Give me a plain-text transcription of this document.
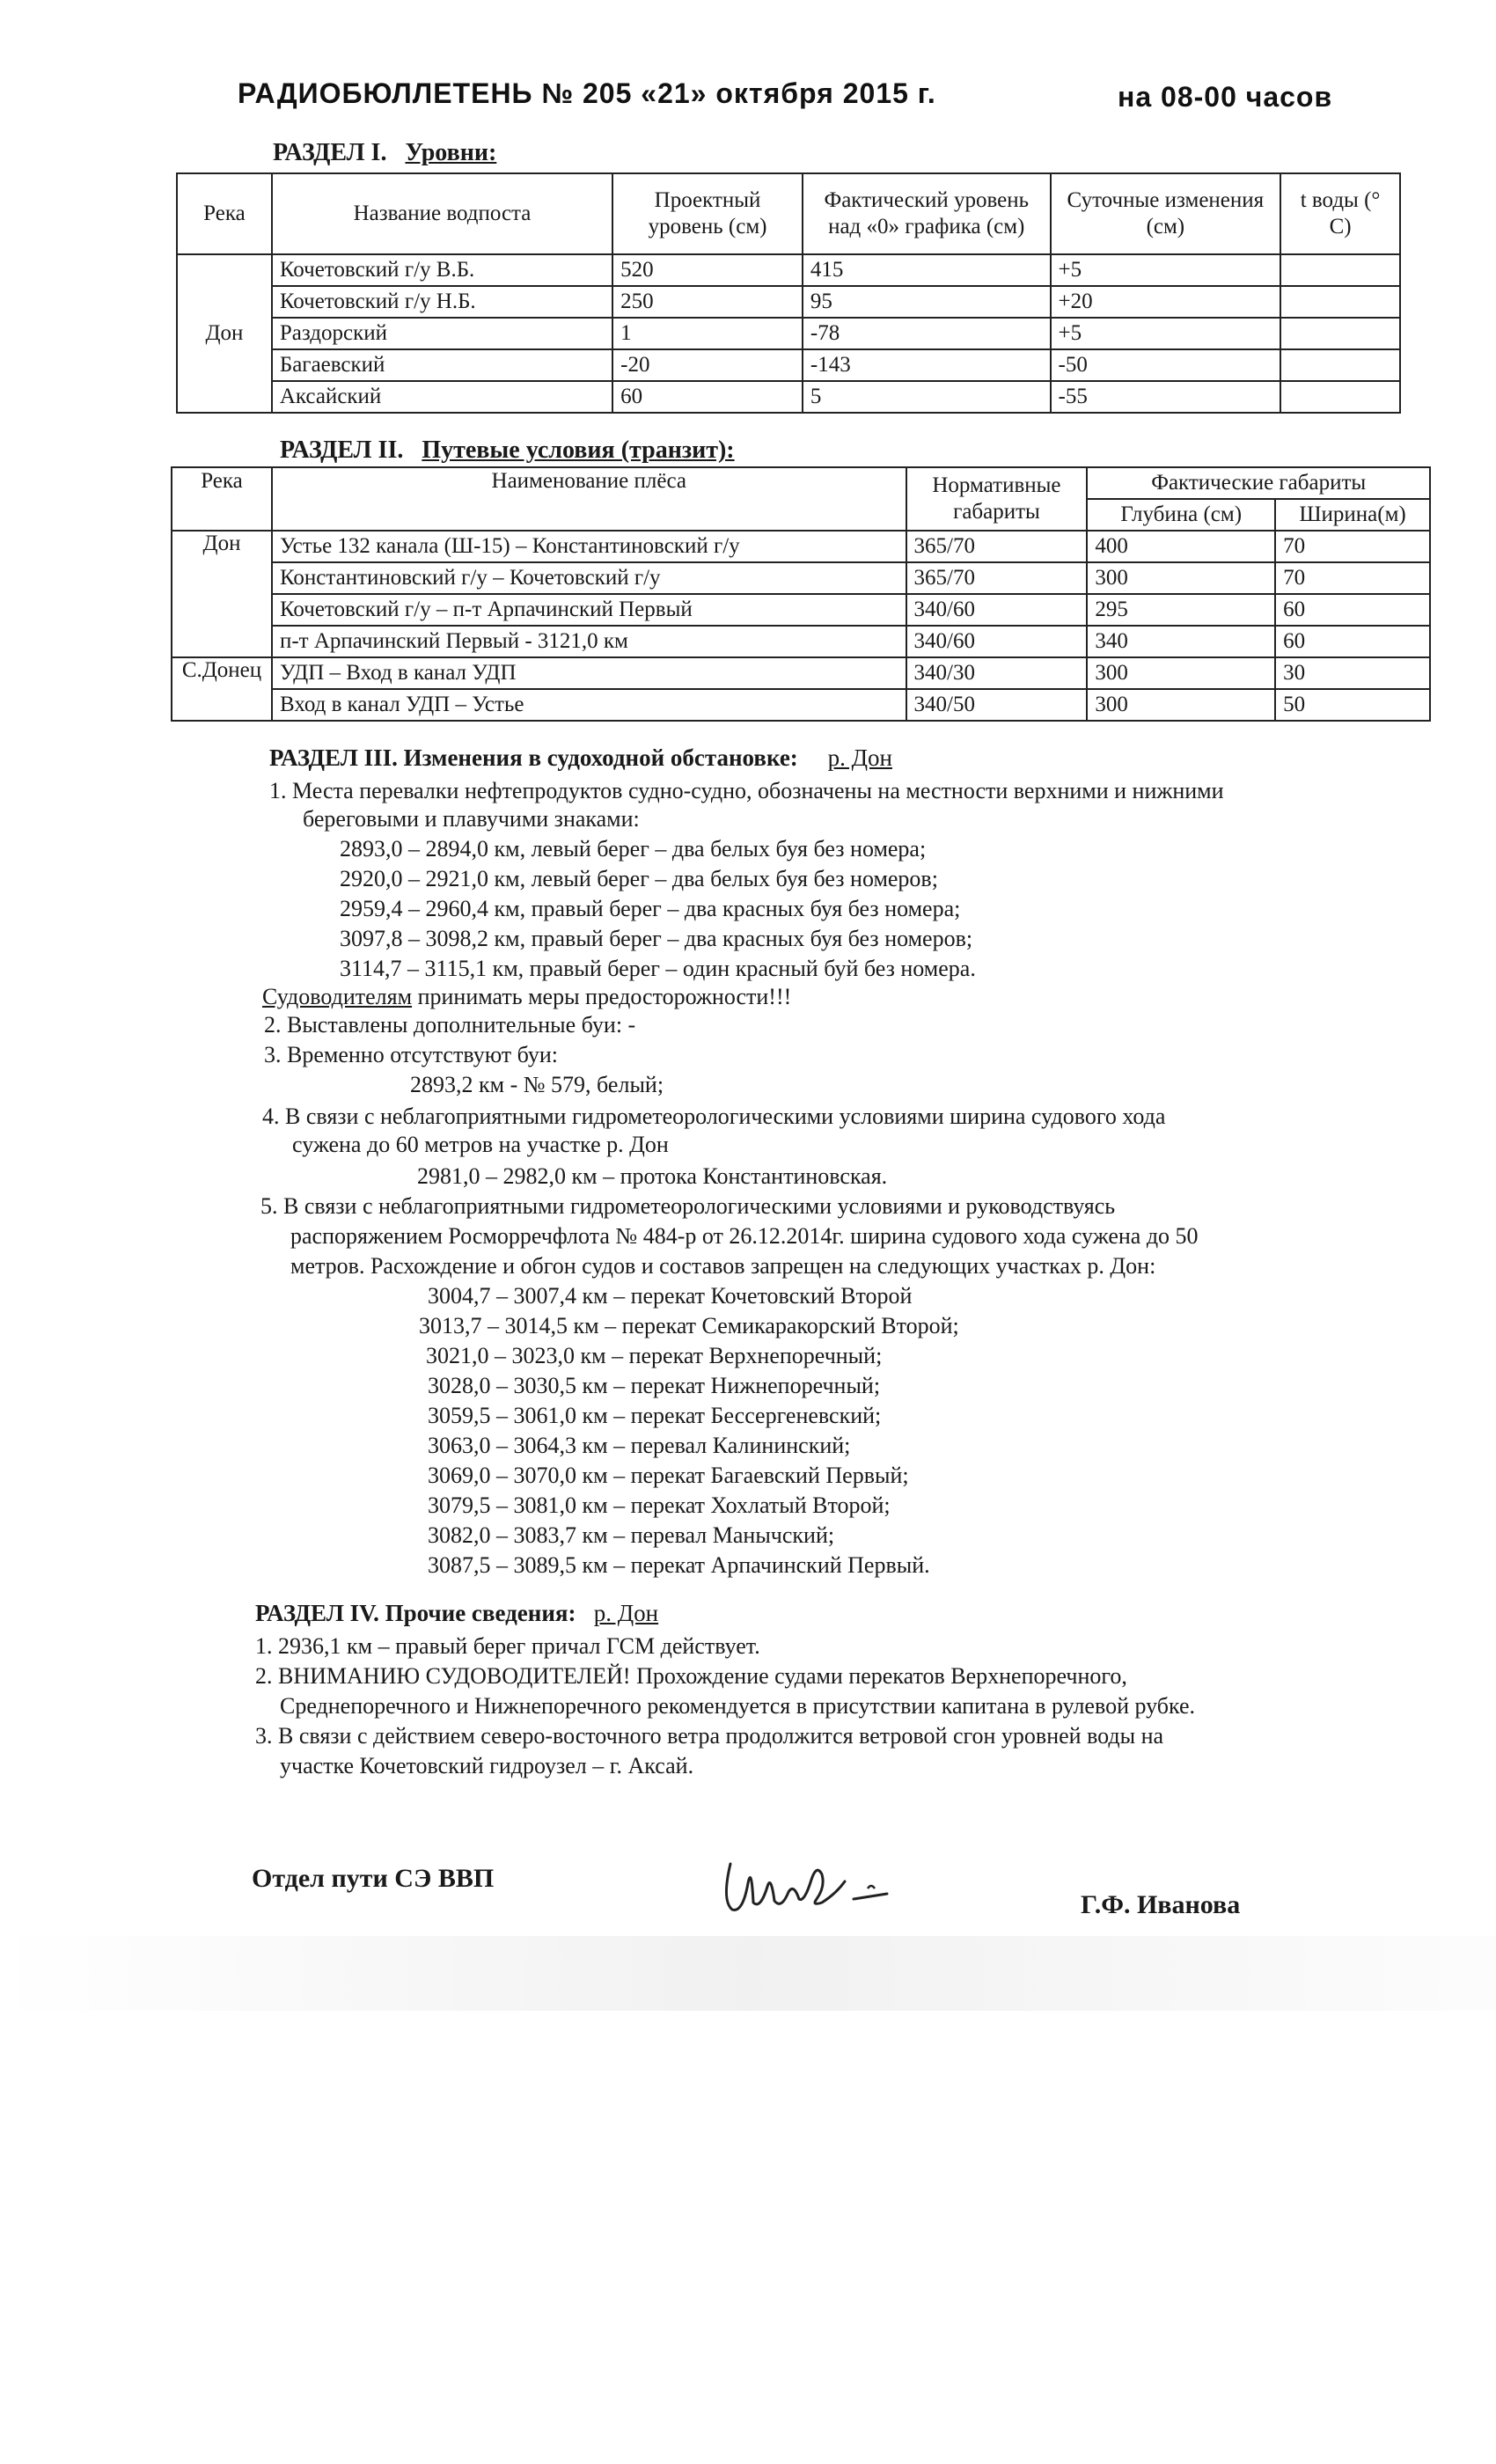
РАДИОБЮЛЛЕТЕНЬ № 205 «21» октября 2015 г.	на 08-00 часов
РАЗДЕЛ I. Уровни:
Река	Название водпоста	Проектный уровень (см)	Фактический уровень над «0» графика (см)	Суточные изменения (см)	t воды (° С)
Дон	Кочетовский г/у В.Б.	520	415	+5	
	Кочетовский г/у Н.Б.	250	95	+20	
	Раздорский	1	-78	+5	
	Багаевский	-20	-143	-50	
	Аксайский	60	5	-55	
РАЗДЕЛ II. Путевые условия (транзит):
Река	Наименование плёса	Нормативные габариты	Фактические габариты	
			Глубина (см)	Ширина(м)
Дон	Устье 132 канала (Ш-15) – Константиновский г/у	365/70	400	70
	Константиновский г/у – Кочетовский г/у	365/70	300	70
	Кочетовский г/у – п-т Арпачинский Первый	340/60	295	60
	п-т Арпачинский Первый - 3121,0 км	340/60	340	60
С.Донец	УДП – Вход в канал УДП	340/30	300	30
	Вход в канал УДП – Устье	340/50	300	50
РАЗДЕЛ III. Изменения в судоходной обстановке: р. Дон
1. Места перевалки нефтепродуктов судно-судно, обозначены на местности верхними и нижними
береговыми и плавучими знаками:
2893,0 – 2894,0 км, левый берег – два белых буя без номера;
2920,0 – 2921,0 км, левый берег – два белых буя без номеров;
2959,4 – 2960,4 км, правый берег – два красных буя без номера;
3097,8 – 3098,2 км, правый берег – два красных буя без номеров;
3114,7 – 3115,1 км, правый берег – один красный буй без номера.
Судоводителям принимать меры предосторожности!!!
2. Выставлены дополнительные буи: -
3. Временно отсутствуют буи:
2893,2 км - № 579, белый;
4. В связи с неблагоприятными гидрометеорологическими условиями ширина судового хода
сужена до 60 метров на участке р. Дон
2981,0 – 2982,0 км – протока Константиновская.
5. В связи с неблагоприятными гидрометеорологическими условиями и руководствуясь
распоряжением Росморречфлота № 484-р от 26.12.2014г. ширина судового хода сужена до 50
метров. Расхождение и обгон судов и составов запрещен на следующих участках р. Дон:
3004,7 – 3007,4 км – перекат Кочетовский Второй
3013,7 – 3014,5 км – перекат Семикаракорский Второй;
3021,0 – 3023,0 км – перекат Верхнепоречный;
3028,0 – 3030,5 км – перекат Нижнепоречный;
3059,5 – 3061,0 км – перекат Бессергеневский;
3063,0 – 3064,3 км – перевал Калининский;
3069,0 – 3070,0 км – перекат Багаевский Первый;
3079,5 – 3081,0 км – перекат Хохлатый Второй;
3082,0 – 3083,7 км – перевал Манычский;
3087,5 – 3089,5 км – перекат Арпачинский Первый.
РАЗДЕЛ IV. Прочие сведения: р. Дон
1. 2936,1 км – правый берег причал ГСМ действует.
2. ВНИМАНИЮ СУДОВОДИТЕЛЕЙ! Прохождение судами перекатов Верхнепоречного,
Среднепоречного и Нижнепоречного рекомендуется в присутствии капитана в рулевой рубке.
3. В связи с действием северо-восточного ветра продолжится ветровой сгон уровней воды на
участке Кочетовский гидроузел – г. Аксай.
Отдел пути СЭ ВВП
Г.Ф. Иванова
